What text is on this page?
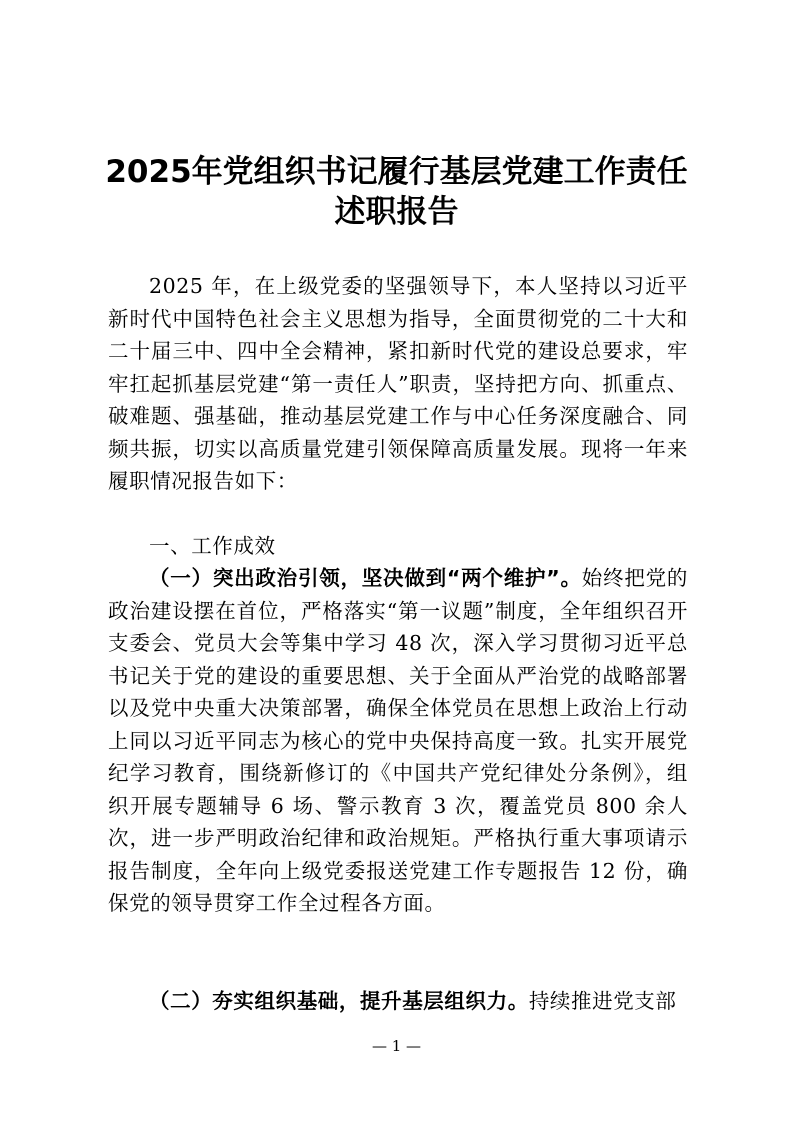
2025年党组织书记履行基层党建工作责任
述职报告
2025 年，在上级党委的坚强领导下，本人坚持以习近平新时代中国特色社会主义思想为指导，全面贯彻党的二十大和二十届三中、四中全会精神，紧扣新时代党的建设总要求，牢牢扛起抓基层党建“第一责任人”职责，坚持把方向、抓重点、破难题、强基础，推动基层党建工作与中心任务深度融合、同频共振，切实以高质量党建引领保障高质量发展。现将一年来履职情况报告如下：
一、工作成效
（一）突出政治引领，坚决做到“两个维护”。始终把党的政治建设摆在首位，严格落实“第一议题”制度，全年组织召开支委会、党员大会等集中学习 48 次，深入学习贯彻习近平总书记关于党的建设的重要思想、关于全面从严治党的战略部署以及党中央重大决策部署，确保全体党员在思想上政治上行动上同以习近平同志为核心的党中央保持高度一致。扎实开展党纪学习教育，围绕新修订的《中国共产党纪律处分条例》，组织开展专题辅导 6 场、警示教育 3 次，覆盖党员 800 余人次，进一步严明政治纪律和政治规矩。严格执行重大事项请示报告制度，全年向上级党委报送党建工作专题报告 12 份，确保党的领导贯穿工作全过程各方面。
（二）夯实组织基础，提升基层组织力。持续推进党支部
— 1 —
